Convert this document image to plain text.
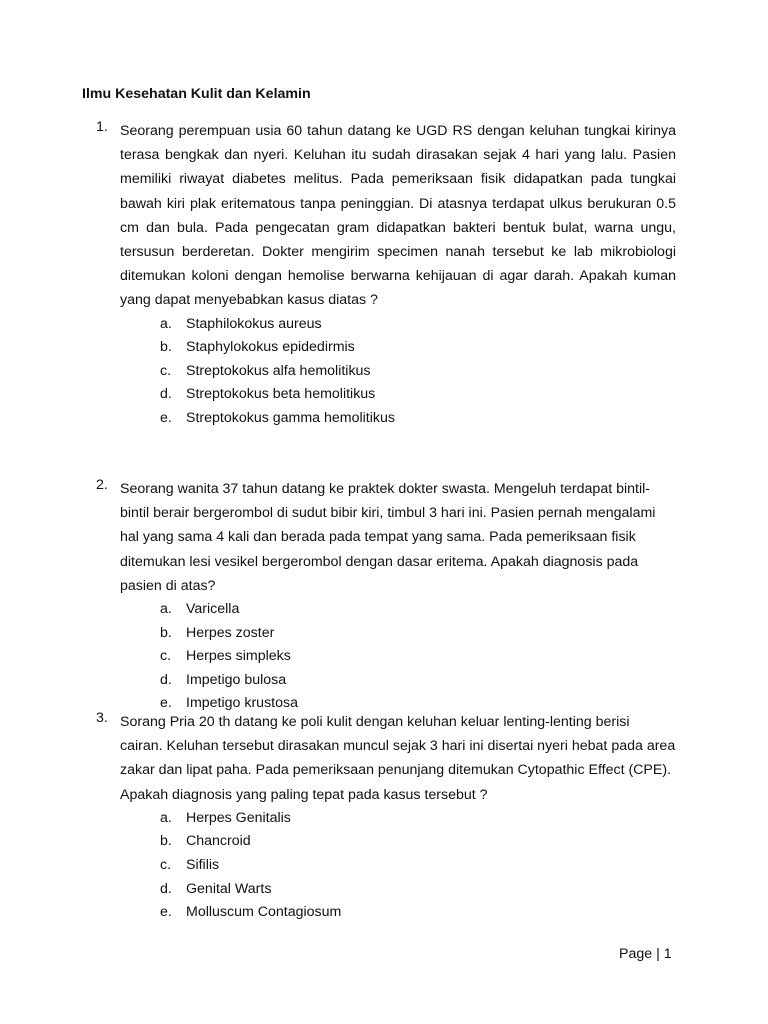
Ilmu Kesehatan Kulit dan Kelamin
1. Seorang perempuan usia 60 tahun datang ke UGD RS dengan keluhan tungkai kirinya terasa bengkak dan nyeri. Keluhan itu sudah dirasakan sejak 4 hari yang lalu. Pasien memiliki riwayat diabetes melitus. Pada pemeriksaan fisik didapatkan pada tungkai bawah kiri plak eritematous tanpa peninggian. Di atasnya terdapat ulkus berukuran 0.5 cm dan bula. Pada pengecatan gram didapatkan bakteri bentuk bulat, warna ungu, tersusun berderetan. Dokter mengirim specimen nanah tersebut ke lab mikrobiologi ditemukan koloni dengan hemolise berwarna kehijauan di agar darah. Apakah kuman yang dapat menyebabkan kasus diatas ?
a. Staphilokokus aureus
b. Staphylokokus epidedirmis
c. Streptokokus alfa hemolitikus
d. Streptokokus beta hemolitikus
e. Streptokokus gamma hemolitikus
2. Seorang wanita 37 tahun datang ke praktek dokter swasta. Mengeluh terdapat bintil-bintil berair bergerombol di sudut bibir kiri, timbul 3 hari ini. Pasien pernah mengalami hal yang sama 4 kali dan berada pada tempat yang sama. Pada pemeriksaan fisik ditemukan lesi vesikel bergerombol dengan dasar eritema. Apakah diagnosis pada pasien di atas?
a. Varicella
b. Herpes zoster
c. Herpes simpleks
d. Impetigo bulosa
e. Impetigo krustosa
3. Sorang Pria 20 th datang ke poli kulit dengan keluhan keluar lenting-lenting berisi cairan. Keluhan tersebut dirasakan muncul sejak 3 hari ini disertai nyeri hebat pada area zakar dan lipat paha. Pada pemeriksaan penunjang ditemukan Cytopathic Effect (CPE). Apakah diagnosis yang paling tepat pada kasus tersebut ?
a. Herpes Genitalis
b. Chancroid
c. Sifilis
d. Genital Warts
e. Molluscum Contagiosum
Page | 1
